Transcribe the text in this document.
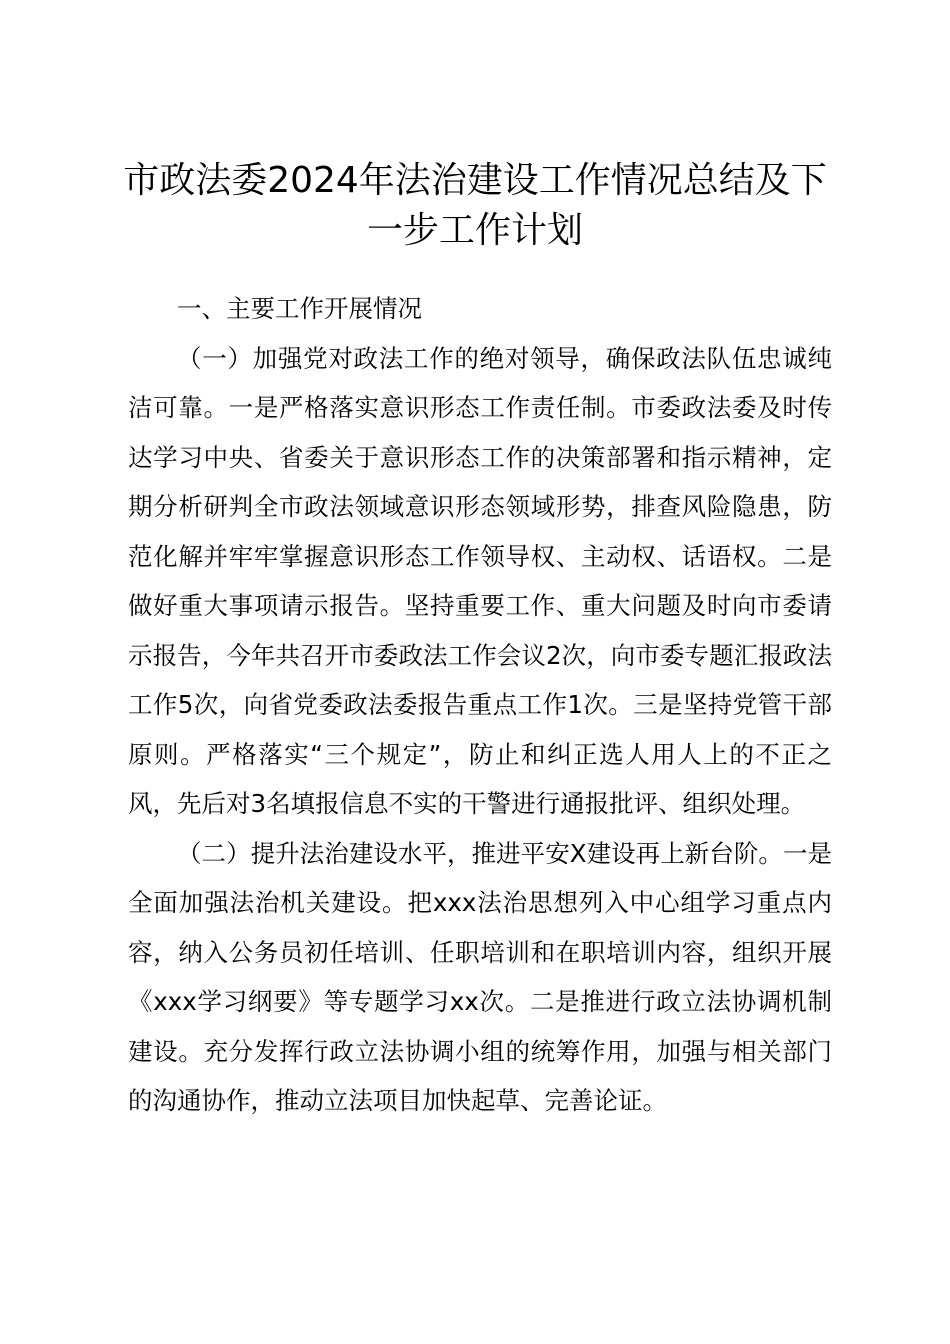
市政法委2024年法治建设工作情况总结及下一步工作计划

一、主要工作开展情况

（一）加强党对政法工作的绝对领导，确保政法队伍忠诚纯洁可靠。一是严格落实意识形态工作责任制。市委政法委及时传达学习中央、省委关于意识形态工作的决策部署和指示精神，定期分析研判全市政法领域意识形态领域形势，排查风险隐患，防范化解并牢牢掌握意识形态工作领导权、主动权、话语权。二是做好重大事项请示报告。坚持重要工作、重大问题及时向市委请示报告，今年共召开市委政法工作会议2次，向市委专题汇报政法工作5次，向省党委政法委报告重点工作1次。三是坚持党管干部原则。严格落实“三个规定”，防止和纠正选人用人上的不正之风，先后对3名填报信息不实的干警进行通报批评、组织处理。

（二）提升法治建设水平，推进平安X建设再上新台阶。一是全面加强法治机关建设。把xxx法治思想列入中心组学习重点内容，纳入公务员初任培训、任职培训和在职培训内容，组织开展《xxx学习纲要》等专题学习xx次。二是推进行政立法协调机制建设。充分发挥行政立法协调小组的统筹作用，加强与相关部门的沟通协作，推动立法项目加快起草、完善论证。
